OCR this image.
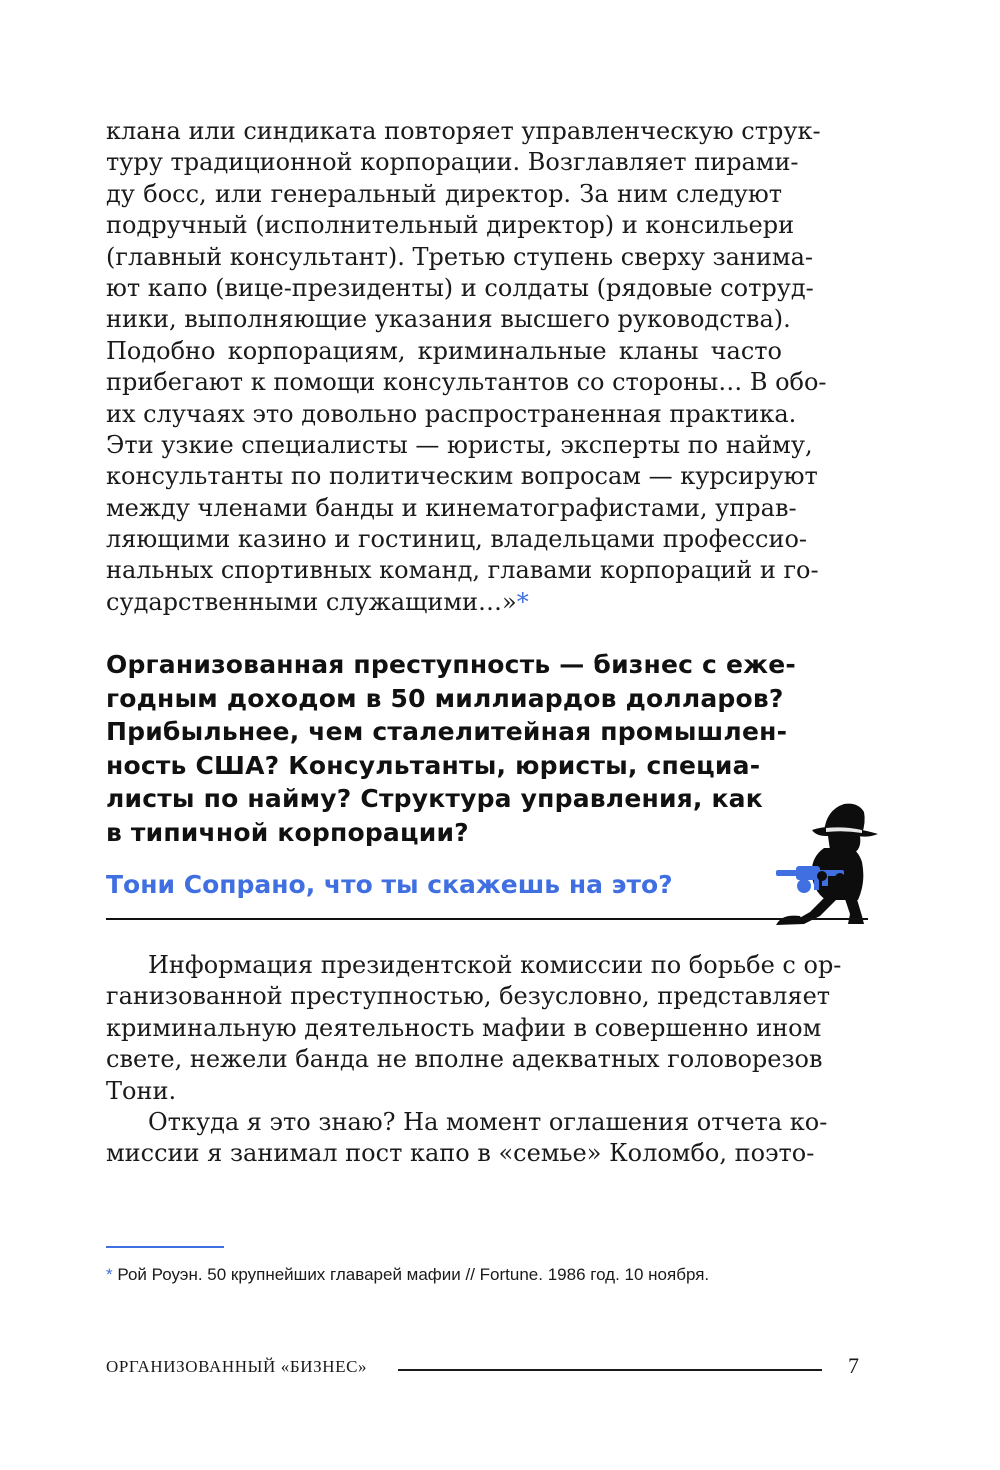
клана или синдиката повторяет управленческую струк-
туру традиционной корпорации. Возглавляет пирами-
ду босс, или генеральный директор. За ним следуют
подручный (исполнительный директор) и консильери
(главный консультант). Третью ступень сверху занима-
ют капо (вице-президенты) и солдаты (рядовые сотруд-
ники, выполняющие указания высшего руководства).
Подобно корпорациям, криминальные кланы часто
прибегают к помощи консультантов со стороны… В обо-
их случаях это довольно распространенная практика.
Эти узкие специалисты — юристы, эксперты по найму,
консультанты по политическим вопросам — курсируют
между членами банды и кинематографистами, управ-
ляющими казино и гостиниц, владельцами профессио-
нальных спортивных команд, главами корпораций и го-
сударственными служащими…»*
Организованная преступность — бизнес с еже-
годным доходом в 50 миллиардов долларов?
Прибыльнее, чем сталелитейная промышлен-
ность США? Консультанты, юристы, специа-
листы по найму? Структура управления, как
в типичной корпорации?
Тони Сопрано, что ты скажешь на это?
Информация президентской комиссии по борьбе с ор-
ганизованной преступностью, безусловно, представляет
криминальную деятельность мафии в совершенно ином
свете, нежели банда не вполне адекватных головорезов
Тони.
Откуда я это знаю? На момент оглашения отчета ко-
миссии я занимал пост капо в «семье» Коломбо, поэто-
* Рой Роуэн. 50 крупнейших главарей мафии // Fortune. 1986 год. 10 ноября.
ОРГАНИЗОВАННЫЙ «БИЗНЕС»	7
